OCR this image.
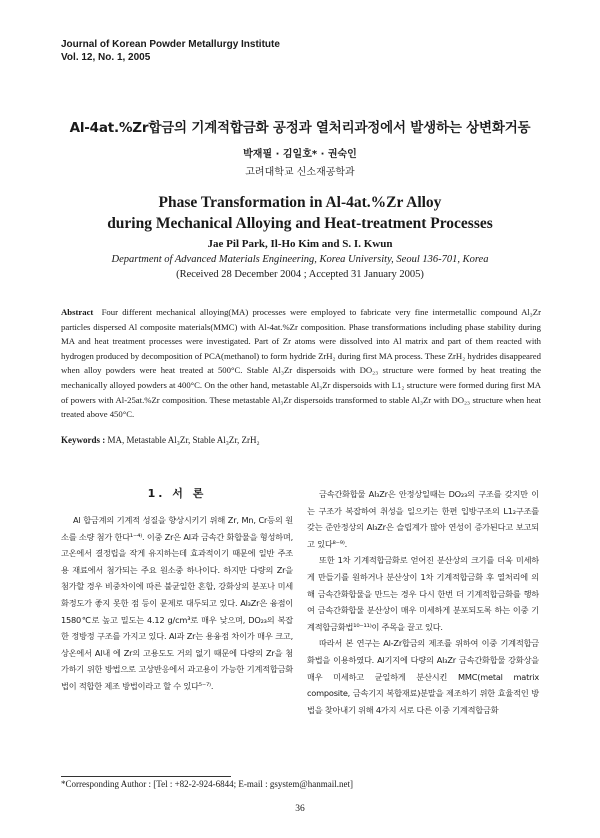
Journal of Korean Powder Metallurgy Institute
Vol. 12, No. 1, 2005
Al-4at.%Zr합금의 기계적합금화 공정과 열처리과정에서 발생하는 상변화거동
박재필 · 김일호* · 권숙인
고려대학교 신소재공학과
Phase Transformation in Al-4at.%Zr Alloy
during Mechanical Alloying and Heat-treatment Processes
Jae Pil Park, Il-Ho Kim and S. I. Kwun
Department of Advanced Materials Engineering, Korea University, Seoul 136-701, Korea
(Received 28 December 2004 ; Accepted 31 January 2005)
Abstract Four different mechanical alloying(MA) processes were employed to fabricate very fine intermetallic compound Al₃Zr particles dispersed Al composite materials(MMC) with Al-4at.%Zr composition. Phase transformations including phase stability during MA and heat treatment processes were investigated. Part of Zr atoms were dissolved into Al matrix and part of them reacted with hydrogen produced by decomposition of PCA(methanol) to form hydride ZrH₂ during first MA process. These ZrH₂ hydrides disappeared when alloy powders were heat treated at 500°C. Stable Al₃Zr dispersoids with DO₂₃ structure were formed by heat treating the mechanically alloyed powders at 400°C. On the other hand, metastable Al₃Zr dispersoids with L1₂ structure were formed during first MA of powers with Al-25at.%Zr composition. These metastable Al₃Zr dispersoids transformed to stable Al₃Zr with DO₂₃ structure when heat treated above 450°C.
Keywords : MA, Metastable Al₃Zr, Stable Al₃Zr, ZrH₂
1. 서 론

Al 합금계의 기계적 성질을 향상시키기 위해 Zr, Mn, Cr등의 원소를 소량 첨가 한다¹⁻⁴⁾. 이중 Zr은 Al과 금속간 화합물을 형성하며, 고온에서 결정립을 작게 유지하는데 효과적이기 때문에 일반 주조용 재료에서 첨가되는 주요 원소중 하나이다. 하지만 다량의 Zr을 첨가할 경우 비중차이에 따른 불균일한 혼합, 강화상의 분포나 미세화정도가 좋지 못한 점 등이 문제로 대두되고 있다. Al₃Zr은 융점이 1580℃로 높고 밀도는 4.12 g/cm³로 매우 낮으며, DO₂₃의 복잡한 정방정 구조를 가지고 있다. Al과 Zr는 용융점 차이가 매우 크고, 상온에서 Al내 에 Zr의 고용도도 거의 없기 때문에 다량의 Zr을 첨가하기 위한 방법으로 고상반응에서 과고용이 가능한 기계적합금화법이 적합한 제조 방법이라고 할 수 있다⁵⁻⁷⁾.

금속간화합물 Al₃Zr은 안정상일때는 DO₂₃의 구조를 갖지만 이는 구조가 복잡하여 취성을 일으키는 한편 입방구조의 L1₂구조를 갖는 준안정상의 Al₃Zr은 슬립계가 많아 연성이 증가된다고 보고되고 있다⁸⁻⁹⁾.

또한 1차 기계적합금화로 얻어진 분산상의 크기를 더욱 미세하게 만들기를 원하거나 분산상이 1차 기계적합금화 후 열처리에 의해 금속간화합물을 만드는 경우 다시 한번 더 기계적합금화를 행하여 금속간화합물 분산상이 매우 미세하게 분포되도록 하는 이중 기계적합금화법¹⁰⁻¹¹⁾이 주목을 끌고 있다.

따라서 본 연구는 Al-Zr합금의 제조를 위하여 이중 기계적합금화법을 이용하였다. Al기지에 다량의 Al₃Zr 금속간화합물 강화상을 매우 미세하고 균일하게 분산시킨 MMC(metal matrix composite, 금속기지 복합재료)분말을 제조하기 위한 효율적인 방법을 찾아내기 위해 4가지 서로 다른 이중 기계적합금화

*Corresponding Author : [Tel : +82-2-924-6844; E-mail : gsystem@hanmail.net]
36
